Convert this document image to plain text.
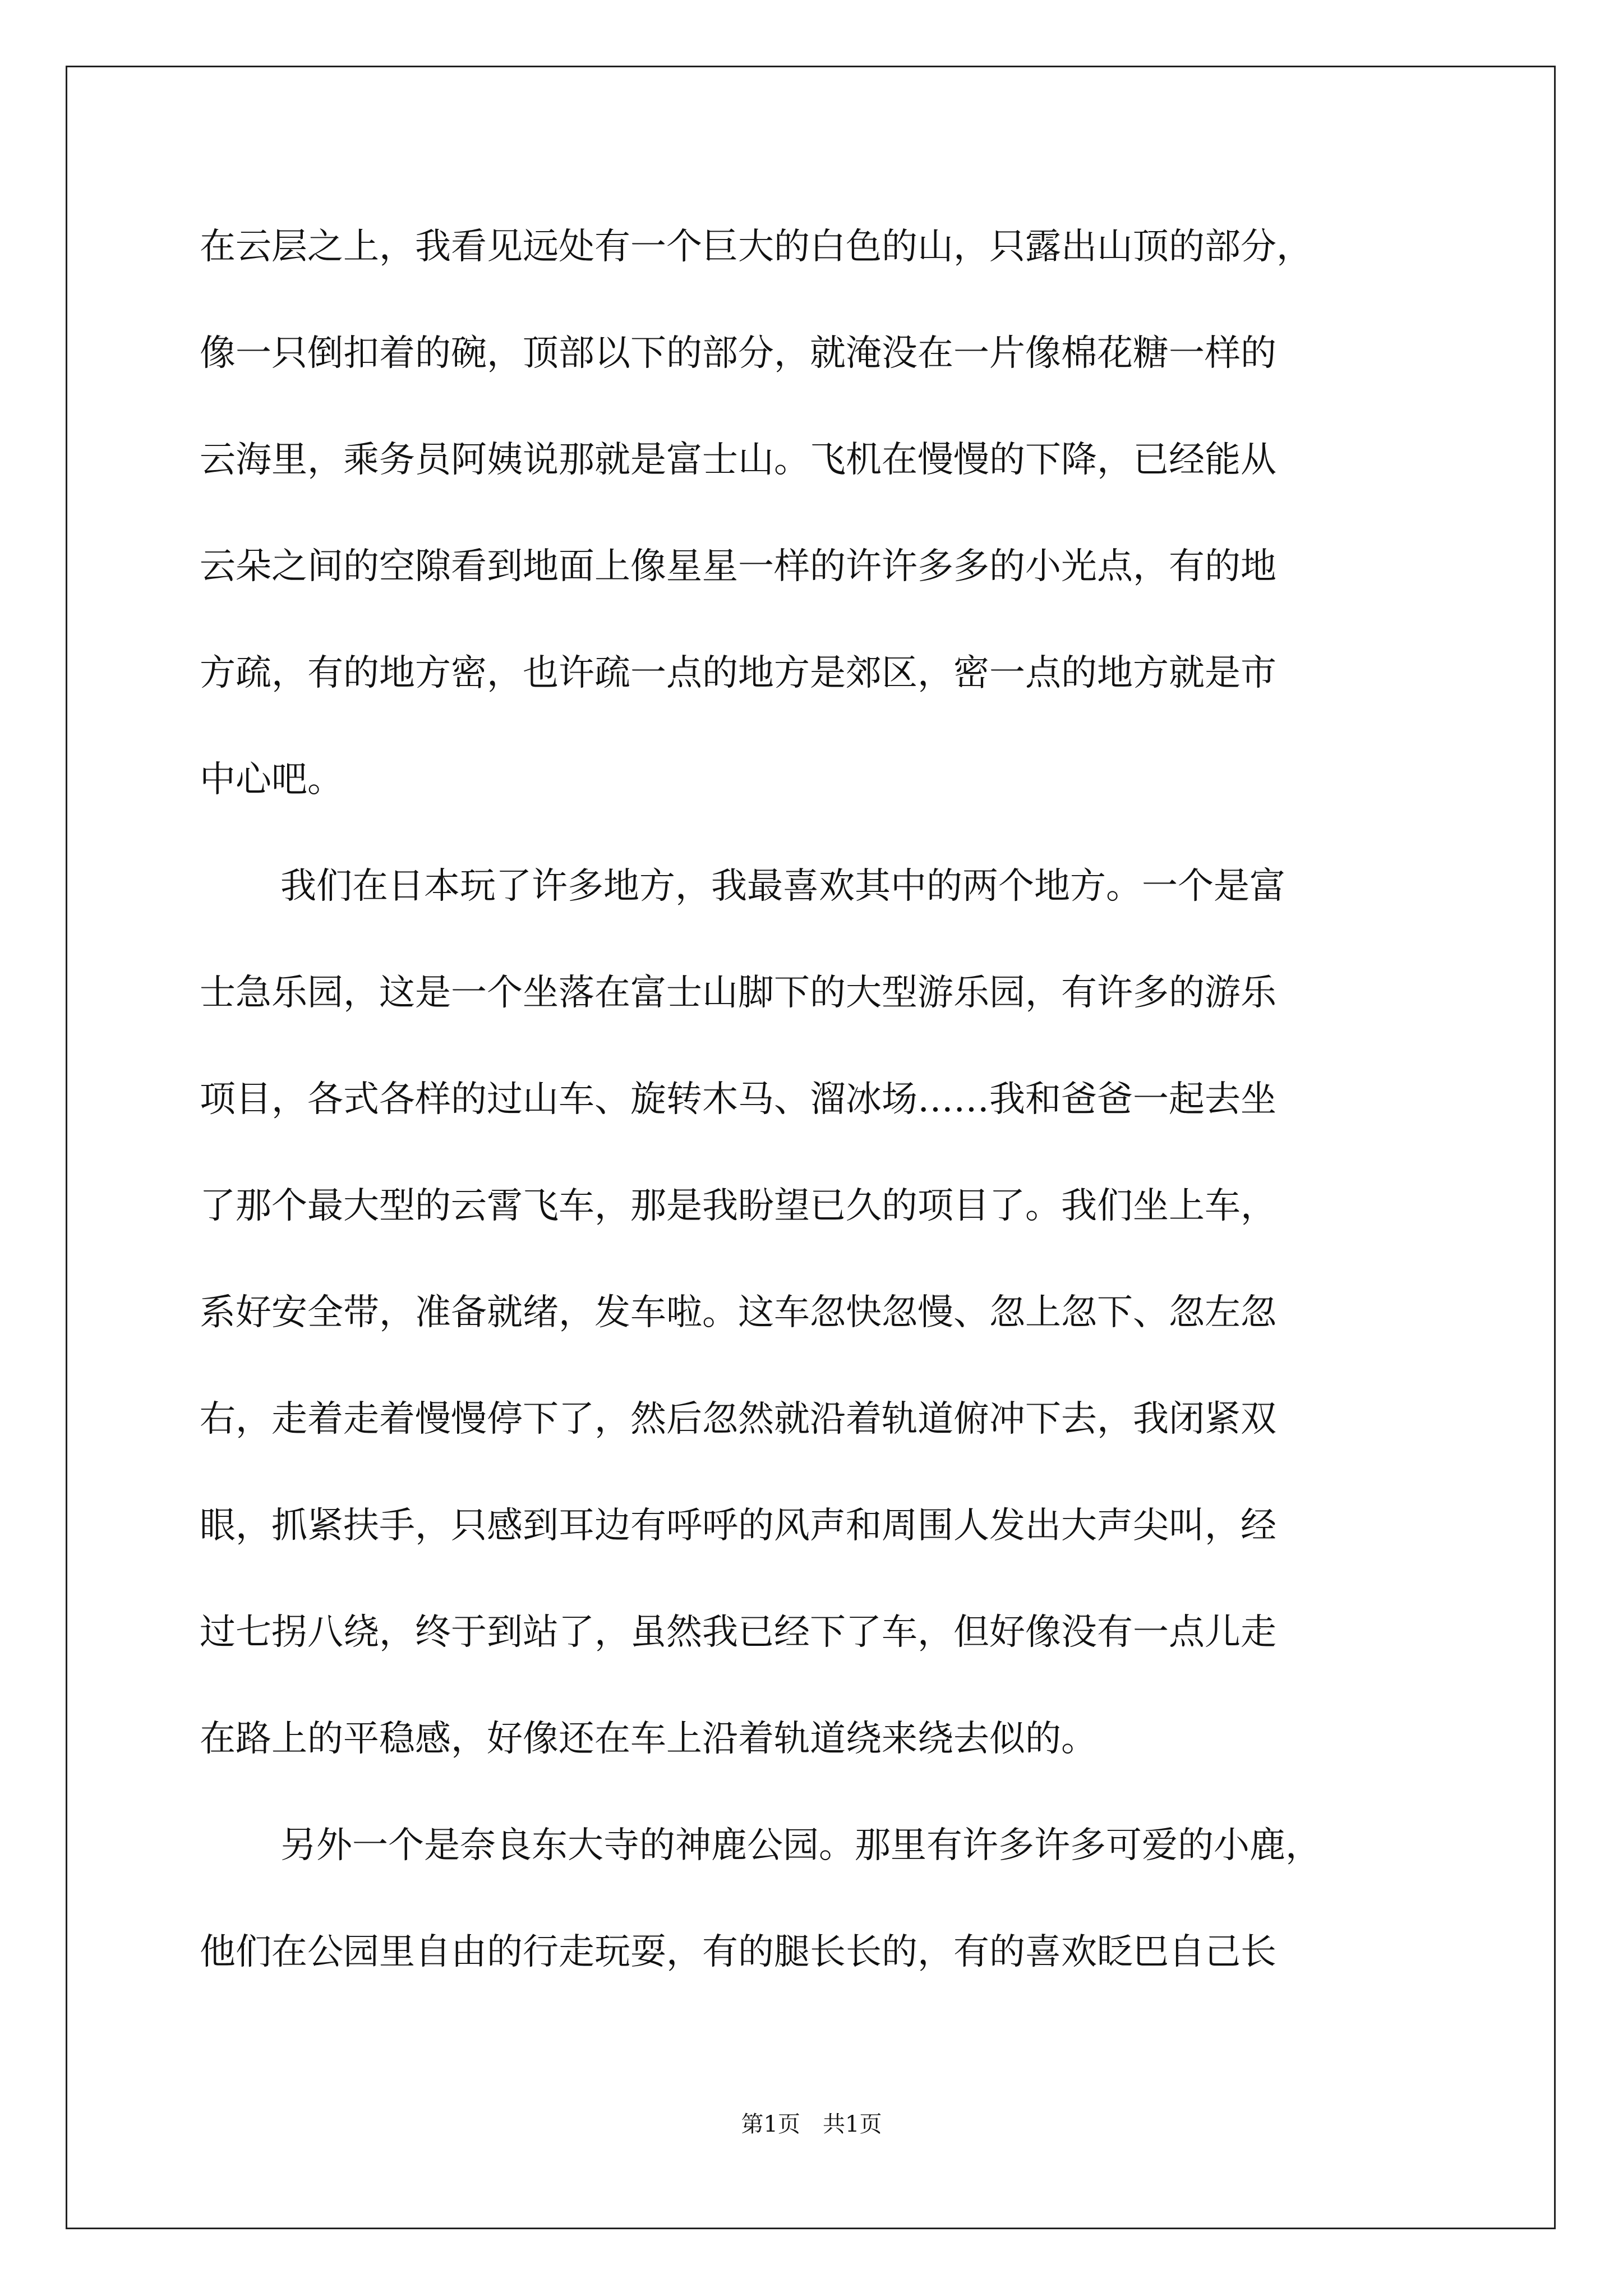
在云层之上，我看见远处有一个巨大的白色的山，只露出山顶的部分，

像一只倒扣着的碗，顶部以下的部分，就淹没在一片像棉花糖一样的

云海里，乘务员阿姨说那就是富士山。飞机在慢慢的下降，已经能从

云朵之间的空隙看到地面上像星星一样的许许多多的小光点，有的地

方疏，有的地方密，也许疏一点的地方是郊区，密一点的地方就是市

中心吧。

我们在日本玩了许多地方，我最喜欢其中的两个地方。一个是富

士急乐园，这是一个坐落在富士山脚下的大型游乐园，有许多的游乐

项目，各式各样的过山车、旋转木马、溜冰场……我和爸爸一起去坐

了那个最大型的云霄飞车，那是我盼望已久的项目了。我们坐上车，

系好安全带，准备就绪，发车啦。这车忽快忽慢、忽上忽下、忽左忽

右，走着走着慢慢停下了，然后忽然就沿着轨道俯冲下去，我闭紧双

眼，抓紧扶手，只感到耳边有呼呼的风声和周围人发出大声尖叫，经

过七拐八绕，终于到站了，虽然我已经下了车，但好像没有一点儿走

在路上的平稳感，好像还在车上沿着轨道绕来绕去似的。

另外一个是奈良东大寺的神鹿公园。那里有许多许多可爱的小鹿，

他们在公园里自由的行走玩耍，有的腿长长的，有的喜欢眨巴自己长

第1页 共1页
